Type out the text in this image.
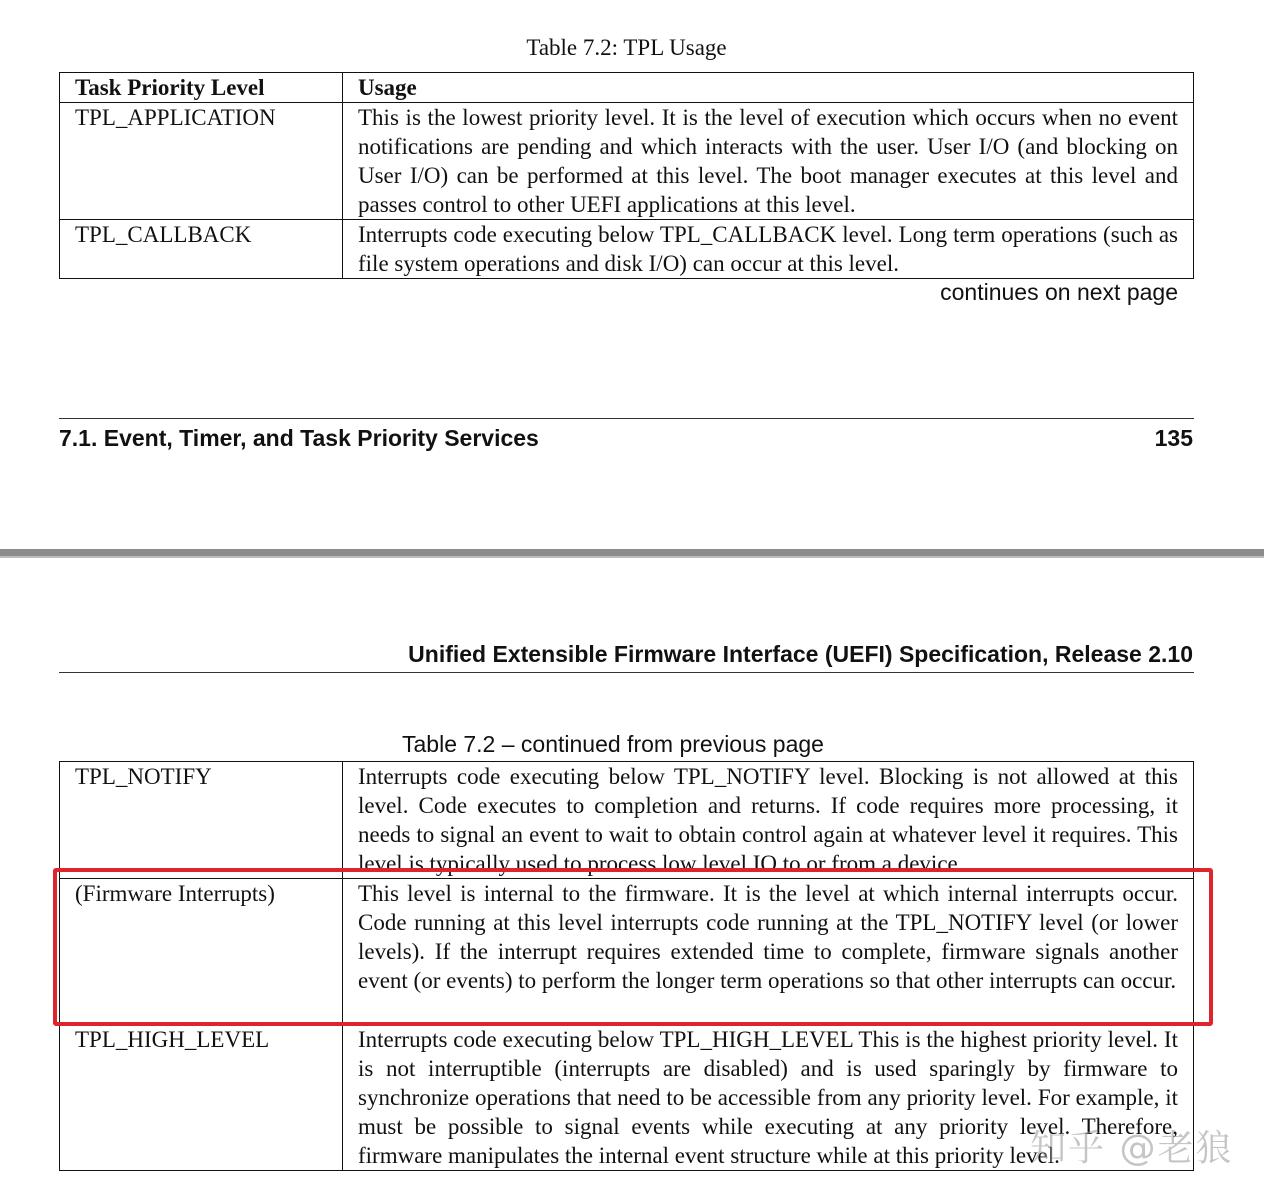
Table 7.2: TPL Usage
Task Priority Level	Usage
TPL_APPLICATION	This is the lowest priority level. It is the level of execution which occurs when no event notifications are pending and which interacts with the user. User I/O (and blocking on User I/O) can be performed at this level. The boot manager executes at this level and passes control to other UEFI applications at this level.
TPL_CALLBACK	Interrupts code executing below TPL_CALLBACK level. Long term operations (such as file system operations and disk I/O) can occur at this level.
continues on next page
7.1. Event, Timer, and Task Priority Services	135
Unified Extensible Firmware Interface (UEFI) Specification, Release 2.10
Table 7.2 – continued from previous page
TPL_NOTIFY	Interrupts code executing below TPL_NOTIFY level. Blocking is not allowed at this level. Code executes to completion and returns. If code requires more processing, it needs to signal an event to wait to obtain control again at whatever level it requires. This level is typically used to process low level IO to or from a device.

(Firmware Interrupts)	This level is internal to the firmware. It is the level at which internal interrupts occur. Code running at this level interrupts code running at the TPL_NOTIFY level (or lower levels). If the interrupt requires extended time to complete, firmware signals another event (or events) to perform the longer term operations so that other interrupts can occur.
TPL_HIGH_LEVEL	Interrupts code executing below TPL_HIGH_LEVEL This is the highest priority level. It is not interruptible (interrupts are disabled) and is used sparingly by firmware to synchronize operations that need to be accessible from any priority level. For example, it must be possible to signal events while executing at any priority level. Therefore, firmware manipulates the internal event structure while at this priority level.
知乎 @老狼
